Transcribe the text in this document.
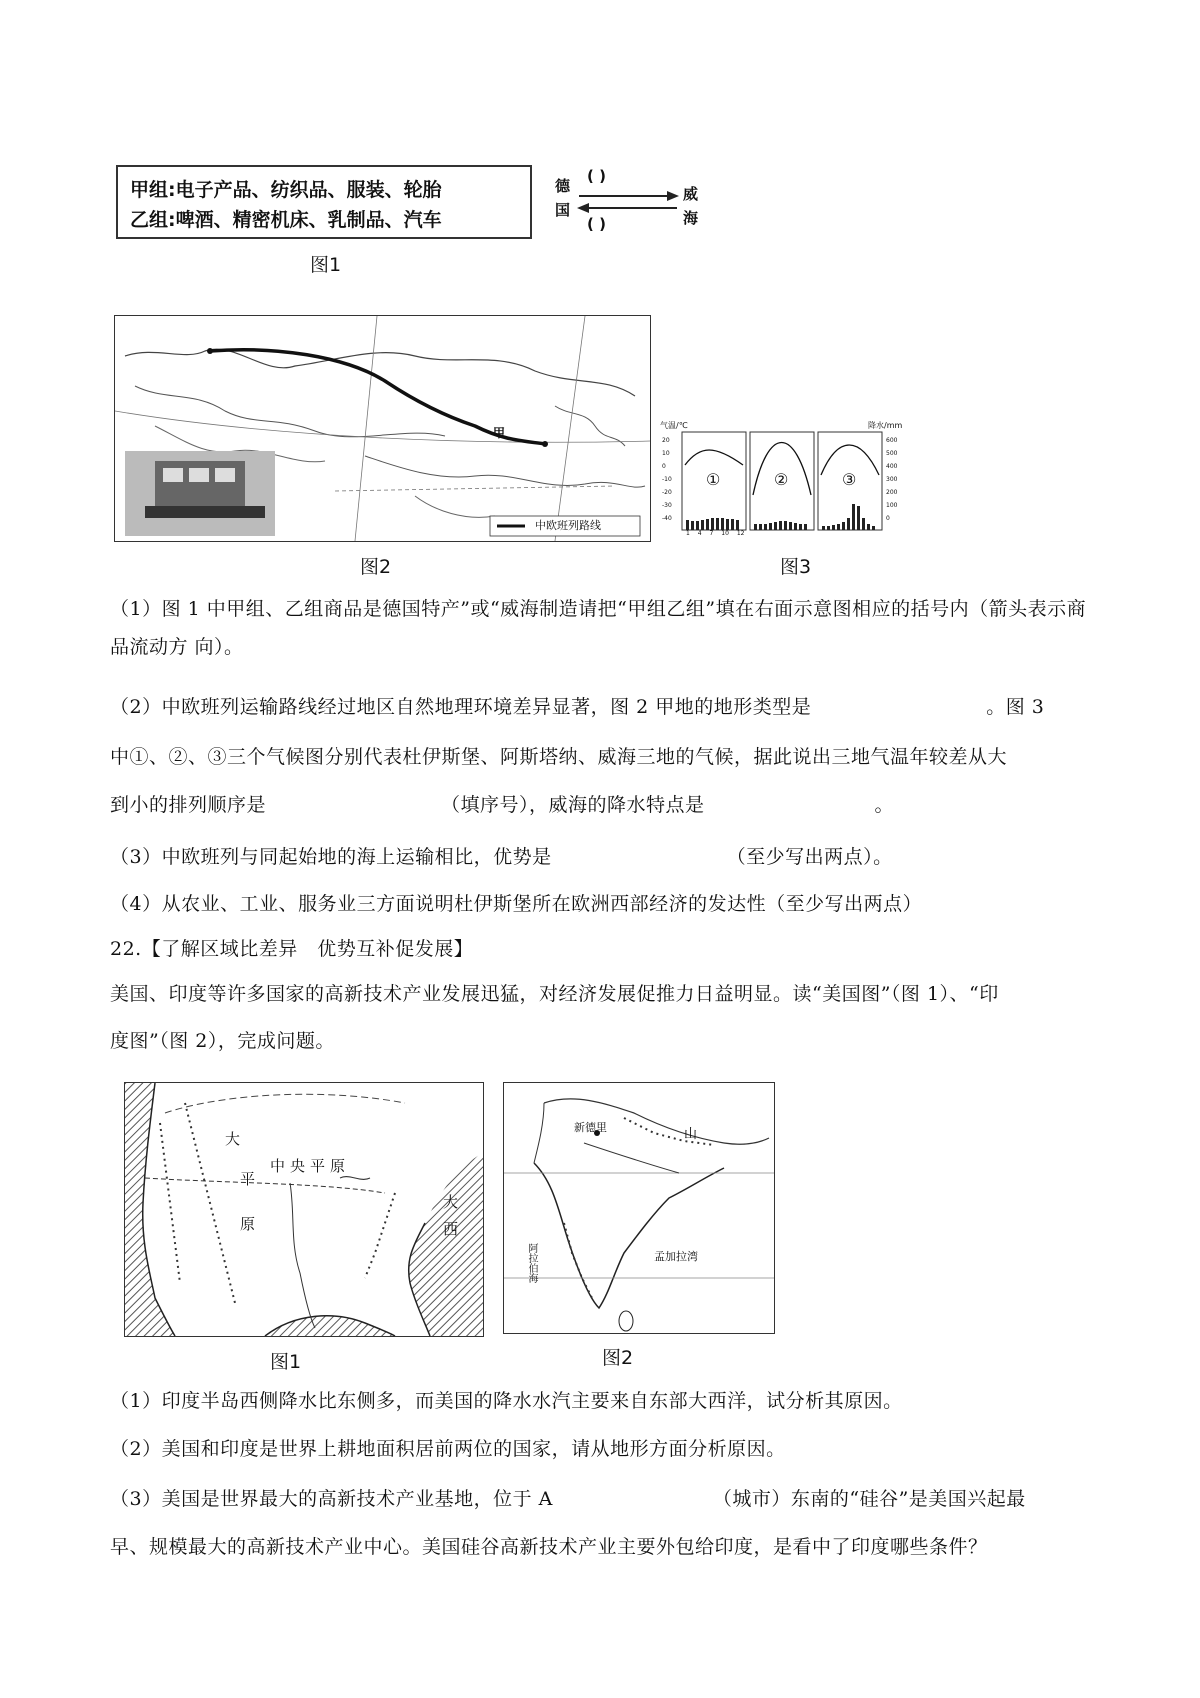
甲组:电子产品、纺织品、服装、轮胎
乙组:啤酒、精密机床、乳制品、汽车
德
国
威
海
( )
( )
图1
中欧班列路线
甲
图2
气温/℃	降水/mm
①	②	③
20
10
0
-10
-20
-30
-40
600
500
400
300
200
100
0
1 4 7 10 12
图3
（1）图 1 中甲组、乙组商品是德国特产”或“威海制造请把“甲组乙组”填在右面示意图相应的括号内（箭头表示商品流动方 向）。
（2）中欧班列运输路线经过地区自然地理环境差异显著，图 2 甲地的地形类型是	。图 3
中①、②、③三个气候图分别代表杜伊斯堡、阿斯塔纳、威海三地的气候，据此说出三地气温年较差从大
到小的排列顺序是	（填序号），威海的降水特点是	。
（3）中欧班列与同起始地的海上运输相比，优势是	（至少写出两点）。
（4）从农业、工业、服务业三方面说明杜伊斯堡所在欧洲西部经济的发达性（至少写出两点）
22.【了解区域比差异　优势互补促发展】
美国、印度等许多国家的高新技术产业发展迅猛，对经济发展促推力日益明显。读“美国图”（图 1）、“印
度图”（图 2），完成问题。
大
平
中央平原
原
大
西
图1
新德里	山
阿拉伯海	孟加拉湾
图2
（1）印度半岛西侧降水比东侧多，而美国的降水水汽主要来自东部大西洋，试分析其原因。
（2）美国和印度是世界上耕地面积居前两位的国家，请从地形方面分析原因。
（3）美国是世界最大的高新技术产业基地，位于 A	（城市）东南的“硅谷”是美国兴起最
早、规模最大的高新技术产业中心。美国硅谷高新技术产业主要外包给印度，是看中了印度哪些条件？
